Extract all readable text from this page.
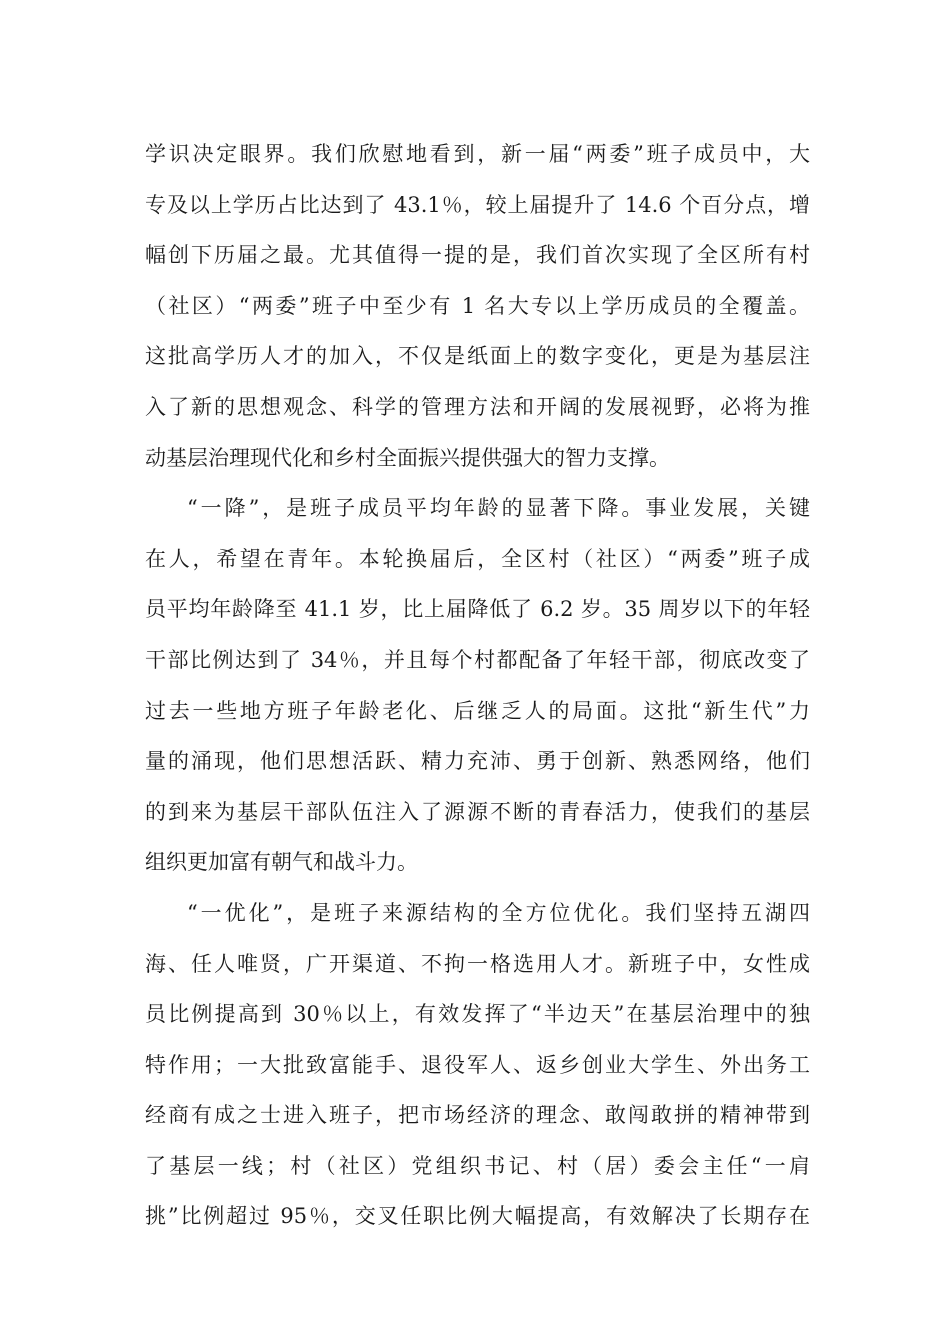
学识决定眼界。我们欣慰地看到，新一届“两委”班子成员中，大
专及以上学历占比达到了 43.1％，较上届提升了 14.6 个百分点，增
幅创下历届之最。尤其值得一提的是，我们首次实现了全区所有村
（社区）“两委”班子中至少有 1 名大专以上学历成员的全覆盖。
这批高学历人才的加入，不仅是纸面上的数字变化，更是为基层注
入了新的思想观念、科学的管理方法和开阔的发展视野，必将为推
动基层治理现代化和乡村全面振兴提供强大的智力支撑。
“一降”，是班子成员平均年龄的显著下降。事业发展，关键
在人，希望在青年。本轮换届后，全区村（社区）“两委”班子成
员平均年龄降至 41.1 岁，比上届降低了 6.2 岁。35 周岁以下的年轻
干部比例达到了 34％，并且每个村都配备了年轻干部，彻底改变了
过去一些地方班子年龄老化、后继乏人的局面。这批“新生代”力
量的涌现，他们思想活跃、精力充沛、勇于创新、熟悉网络，他们
的到来为基层干部队伍注入了源源不断的青春活力，使我们的基层
组织更加富有朝气和战斗力。
“一优化”，是班子来源结构的全方位优化。我们坚持五湖四
海、任人唯贤，广开渠道、不拘一格选用人才。新班子中，女性成
员比例提高到 30％以上，有效发挥了“半边天”在基层治理中的独
特作用；一大批致富能手、退役军人、返乡创业大学生、外出务工
经商有成之士进入班子，把市场经济的理念、敢闯敢拼的精神带到
了基层一线；村（社区）党组织书记、村（居）委会主任“一肩
挑”比例超过 95％，交叉任职比例大幅提高，有效解决了长期存在
